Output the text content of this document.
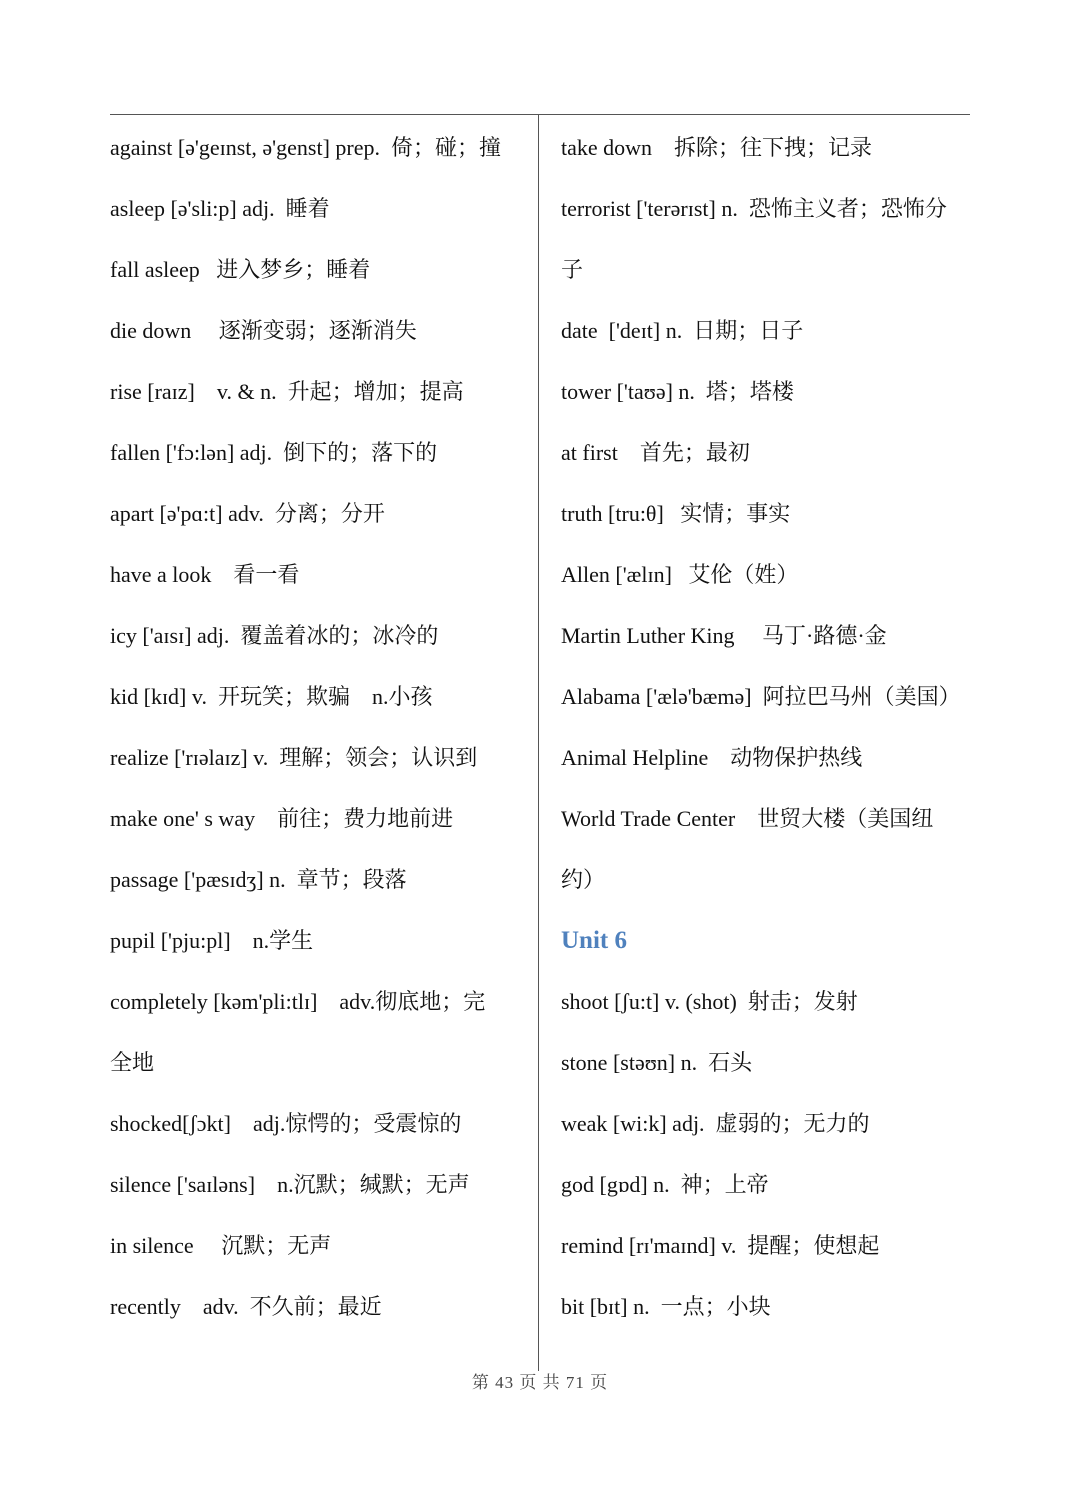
against [ə'geɪnst, ə'genst] prep.  倚；碰；撞
asleep [ə'sli:p] adj.  睡着
fall asleep   进入梦乡；睡着
die down     逐渐变弱；逐渐消失
rise [raɪz]    v. & n.  升起；增加；提高
fallen ['fɔ:lən] adj.  倒下的；落下的
apart [ə'pɑ:t] adv.  分离；分开
have a look    看一看
icy ['aɪsɪ] adj.  覆盖着冰的；冰冷的
kid [kɪd] v.  开玩笑；欺骗    n.小孩
realize ['rɪəlaɪz] v.  理解；领会；认识到
make one' s way    前往；费力地前进
passage ['pæsɪdʒ] n.  章节；段落
pupil ['pju:pl]    n.学生
completely [kəm'pli:tlɪ]    adv.彻底地；完
全地
shocked[ʃɔkt]    adj.惊愕的；受震惊的
silence ['saɪləns]    n.沉默；缄默；无声
in silence     沉默；无声
recently    adv.  不久前；最近
take down    拆除；往下拽；记录
terrorist ['terərɪst] n.  恐怖主义者；恐怖分
子
date  ['deɪt] n.  日期；日子
tower ['taʊə] n.  塔；塔楼
at first    首先；最初
truth [tru:θ]   实情；事实
Allen ['ælɪn]   艾伦（姓）
Martin Luther King     马丁·路德·金
Alabama ['ælə'bæmə]  阿拉巴马州（美国）
Animal Helpline    动物保护热线
World Trade Center    世贸大楼（美国纽
约）
Unit 6
shoot [ʃu:t] v. (shot)  射击；发射
stone [stəʊn] n.  石头
weak [wi:k] adj.  虚弱的；无力的
god [gɒd] n.  神；上帝
remind [rɪ'maɪnd] v.  提醒；使想起
bit [bɪt] n.  一点；小块
第 43 页 共 71 页
